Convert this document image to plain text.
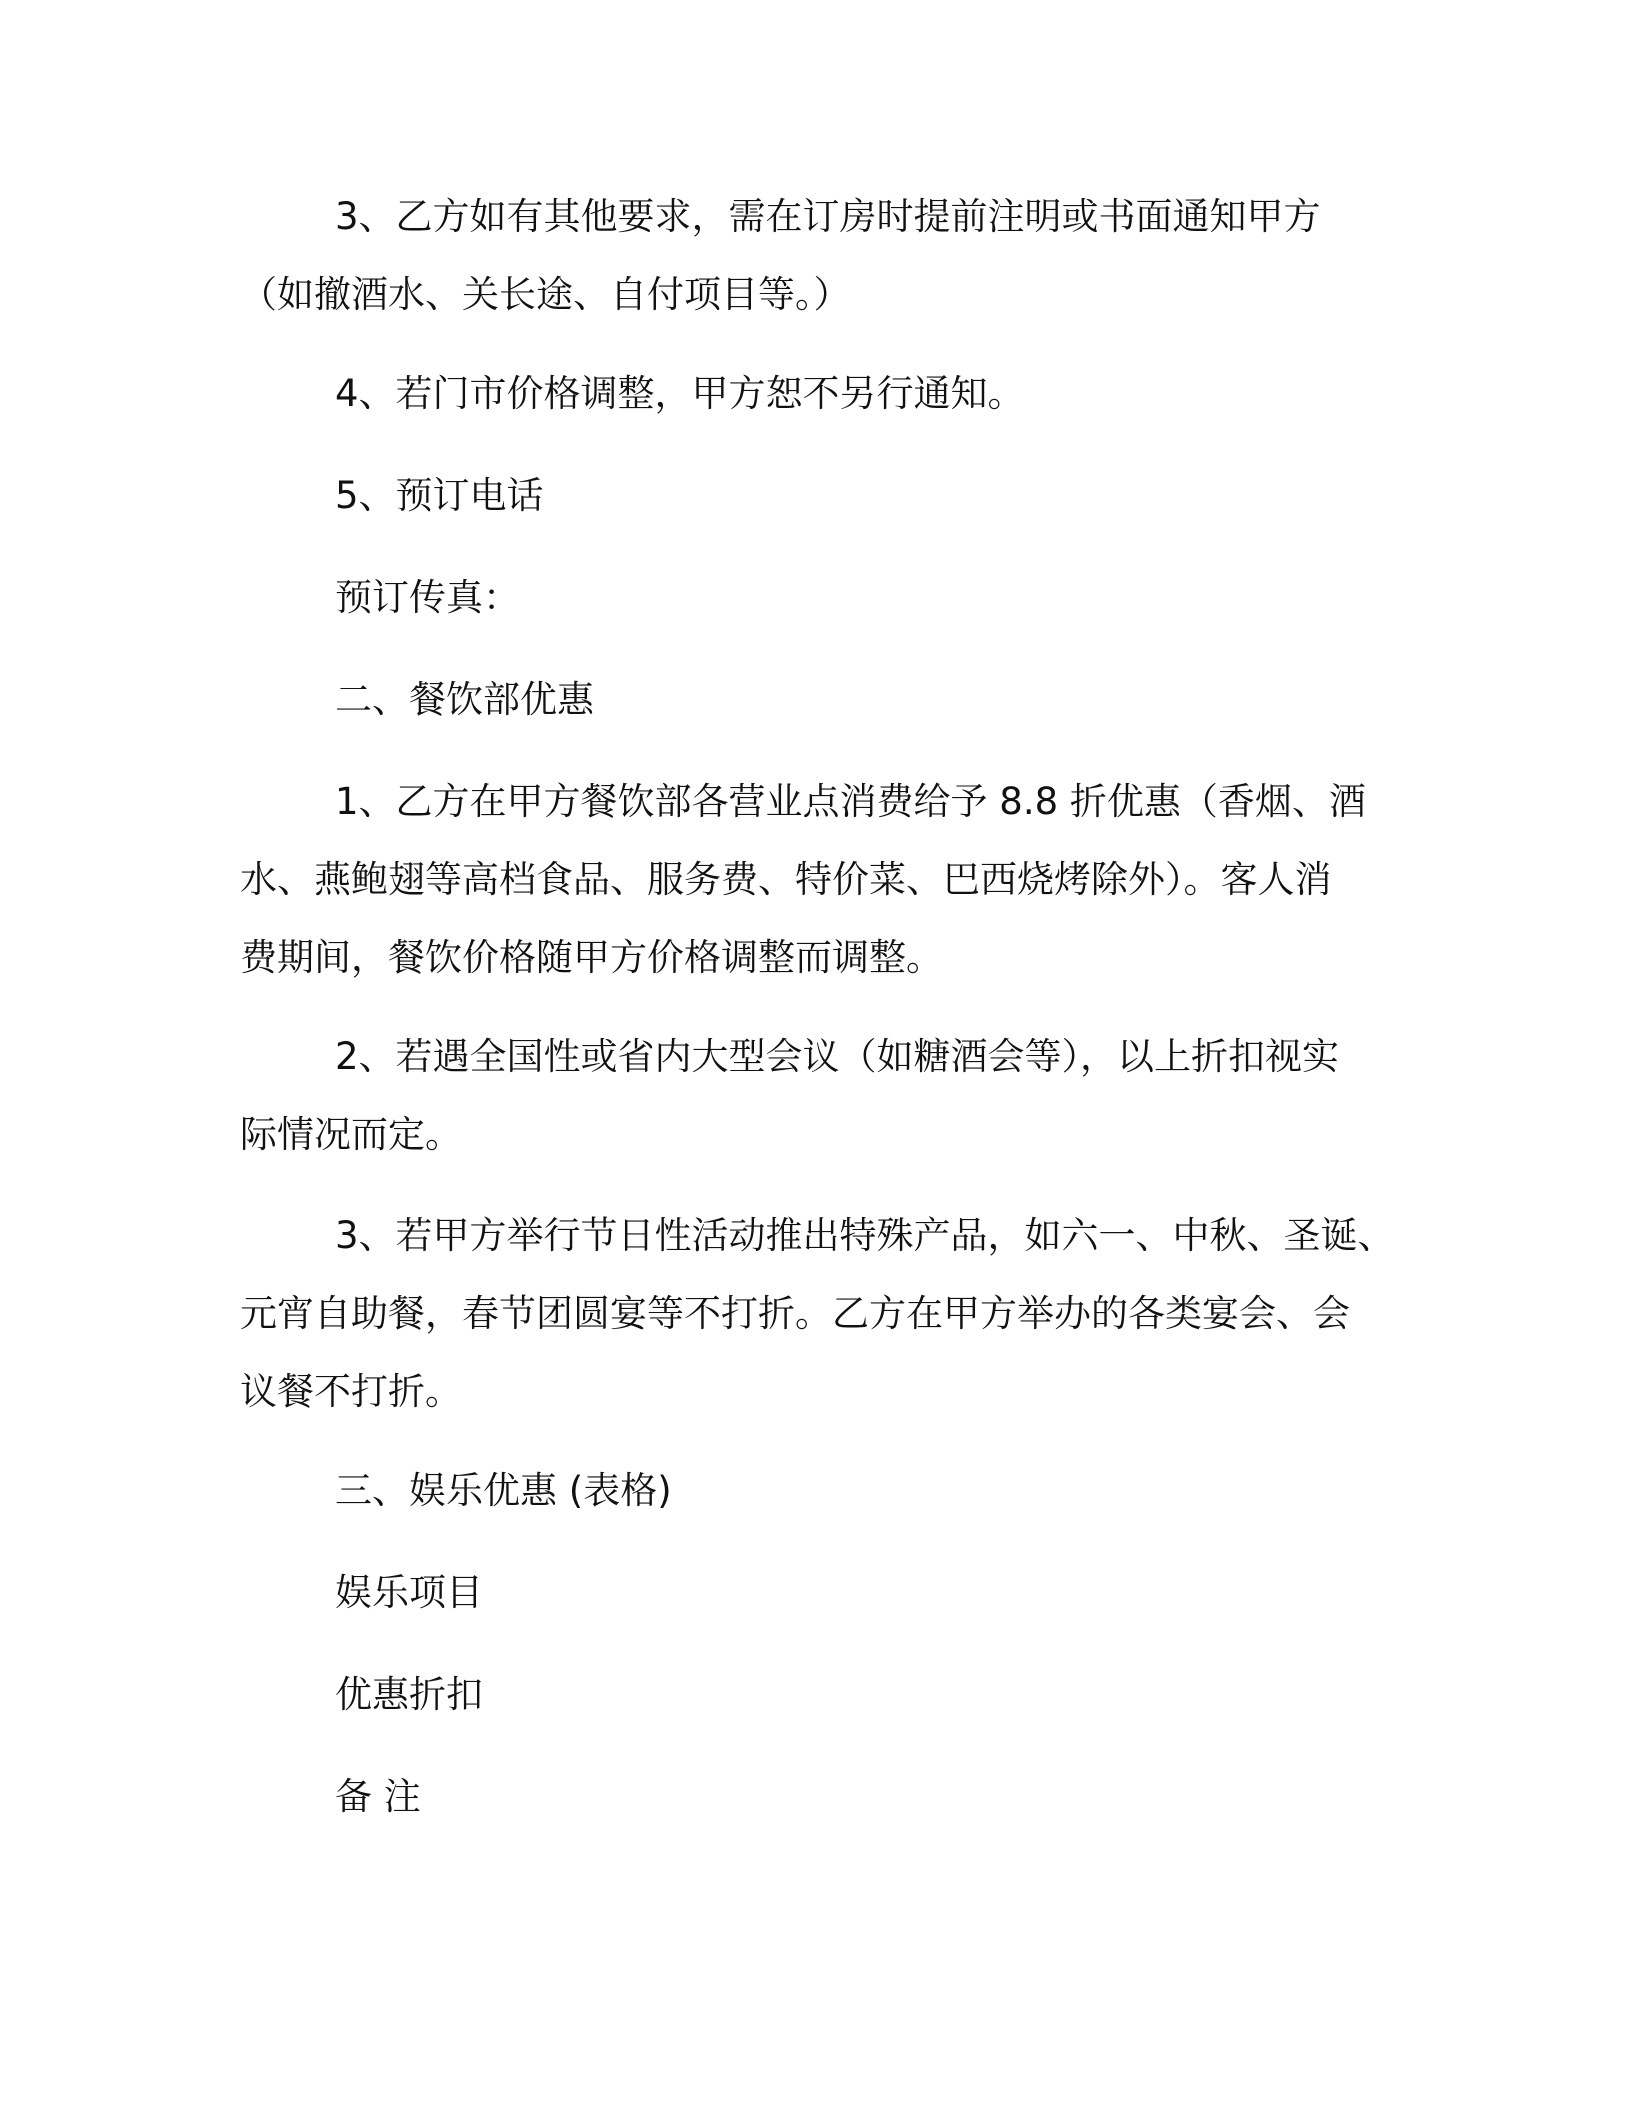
3、乙方如有其他要求，需在订房时提前注明或书面通知甲方
（如撤酒水、关长途、自付项目等。）

4、若门市价格调整，甲方恕不另行通知。

5、预订电话

预订传真：

二、餐饮部优惠

1、乙方在甲方餐饮部各营业点消费给予 8.8 折优惠（香烟、酒
水、燕鲍翅等高档食品、服务费、特价菜、巴西烧烤除外）。客人消
费期间，餐饮价格随甲方价格调整而调整。

2、若遇全国性或省内大型会议（如糖酒会等），以上折扣视实
际情况而定。

3、若甲方举行节日性活动推出特殊产品，如六一、中秋、圣诞、
元宵自助餐，春节团圆宴等不打折。乙方在甲方举办的各类宴会、会
议餐不打折。

三、娱乐优惠 (表格)

娱乐项目

优惠折扣

备 注
